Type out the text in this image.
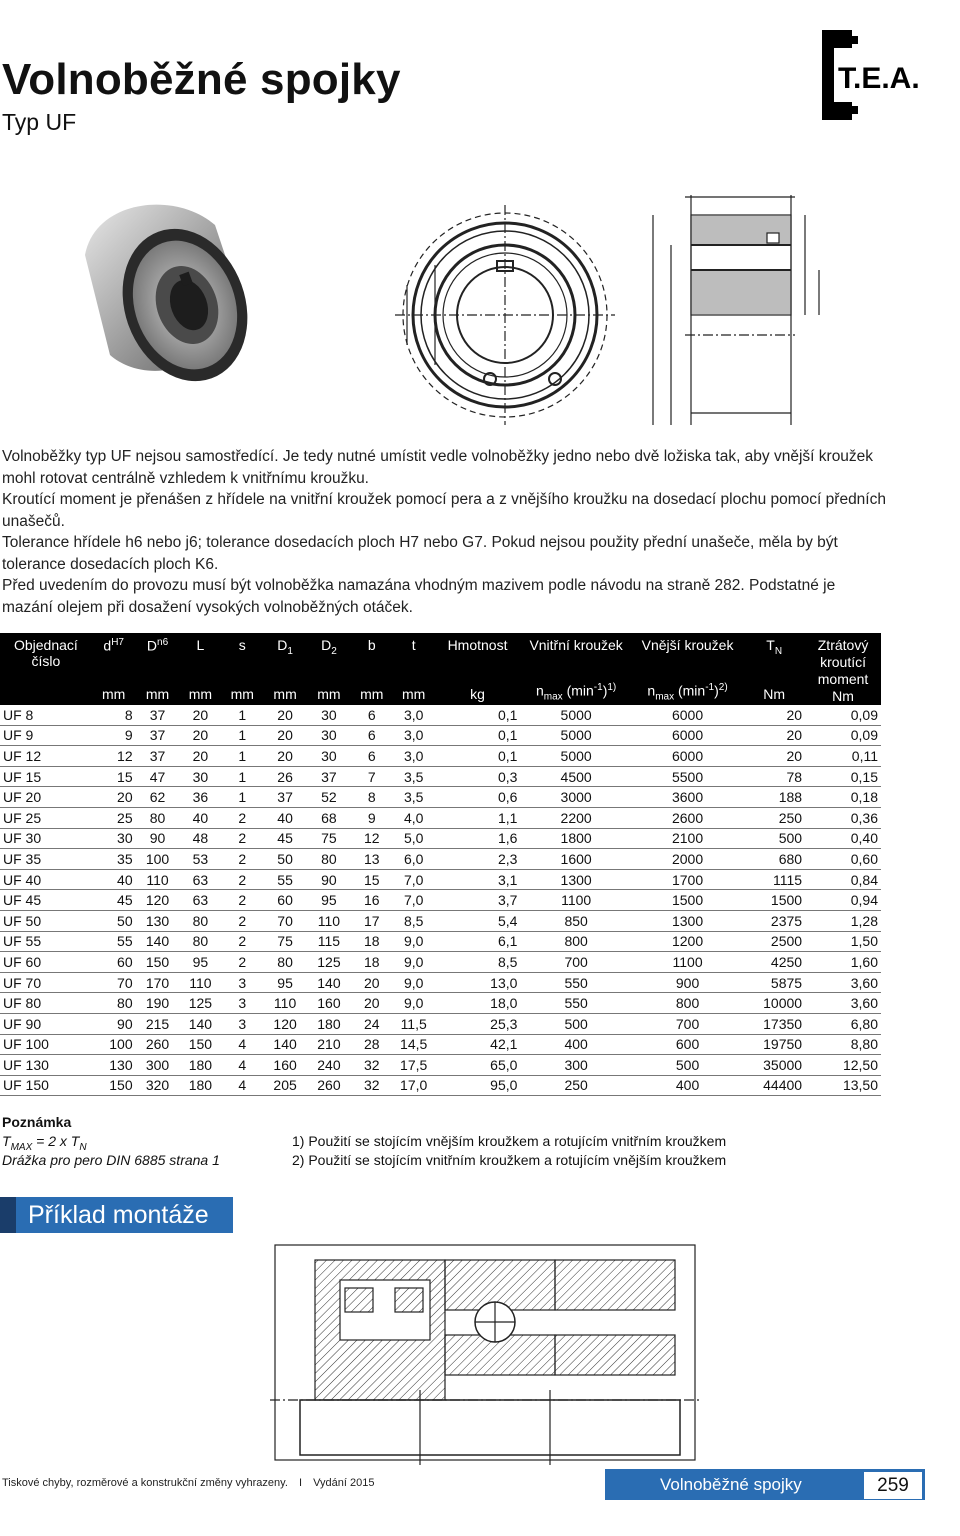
Volnoběžné spojky
Typ UF
T.E.A.

Volnoběžky typ UF nejsou samostředící. Je tedy nutné umístit vedle volnoběžky jedno nebo dvě ložiska tak, aby vnější kroužek mohl rotovat centrálně vzhledem k vnitřnímu kroužku.

Kroutící moment je přenášen z hřídele na vnitřní kroužek pomocí pera a z vnějšího kroužku na dosedací plochu pomocí předních unašečů.

Tolerance hřídele h6 nebo j6; tolerance dosedacích ploch H7 nebo G7. Pokud nejsou použity přední unašeče, měla by být tolerance dosedacích ploch K6.

Před uvedením do provozu musí být volnoběžka namazána vhodným mazivem podle návodu na straně 282. Podstatné je mazání olejem při dosažení vysokých volnoběžných otáček.

Objednací číslo	$d^{H7}$	$D^{n6}$	L	s	$D_1$	$D_2$	b	t	Hmotnost	Vnitřní kroužek	Vnější kroužek	$T_N$	Ztrátový kroutící moment
Nm
	mm	mm	mm	mm	mm	mm	mm	mm	kg	$n_{max}$ $(\min^{-1})^{1)}$	$n_{max}$ $(\min^{-1})^{2)}$	Nm	
UF 8	8	37	20	1	20	30	6	3,0	0,1	5000	6000	20	0,09
UF 9	9	37	20	1	20	30	6	3,0	0,1	5000	6000	20	0,09
UF 12	12	37	20	1	20	30	6	3,0	0,1	5000	6000	20	0,11
UF 15	15	47	30	1	26	37	7	3,5	0,3	4500	5500	78	0,15
UF 20	20	62	36	1	37	52	8	3,5	0,6	3000	3600	188	0,18
UF 25	25	80	40	2	40	68	9	4,0	1,1	2200	2600	250	0,36
UF 30	30	90	48	2	45	75	12	5,0	1,6	1800	2100	500	0,40
UF 35	35	100	53	2	50	80	13	6,0	2,3	1600	2000	680	0,60
UF 40	40	110	63	2	55	90	15	7,0	3,1	1300	1700	1115	0,84
UF 45	45	120	63	2	60	95	16	7,0	3,7	1100	1500	1500	0,94
UF 50	50	130	80	2	70	110	17	8,5	5,4	850	1300	2375	1,28
UF 55	55	140	80	2	75	115	18	9,0	6,1	800	1200	2500	1,50
UF 60	60	150	95	2	80	125	18	9,0	8,5	700	1100	4250	1,60
UF 70	70	170	110	3	95	140	20	9,0	13,0	550	900	5875	3,60
UF 80	80	190	125	3	110	160	20	9,0	18,0	550	800	10000	3,60
UF 90	90	215	140	3	120	180	24	11,5	25,3	500	700	17350	6,80
UF 100	100	260	150	4	140	210	28	14,5	42,1	400	600	19750	8,80
UF 130	130	300	180	4	160	240	32	17,5	65,0	300	500	35000	12,50
UF 150	150	320	180	4	205	260	32	17,0	95,0	250	400	44400	13,50
Poznámka
$T_{MAX} = 2$ x $T_N$
Drážka pro pero DIN 6885 strana 1
1) Použití se stojícím vnějším kroužkem a rotujícím vnitřním kroužkem
2) Použití se stojícím vnitřním kroužkem a rotujícím vnějším kroužkem
Příklad montáže
Tiskové chyby, rozměrové a konstrukční změny vyhrazeny. I Vydání 2015	Volnoběžné spojky	259
